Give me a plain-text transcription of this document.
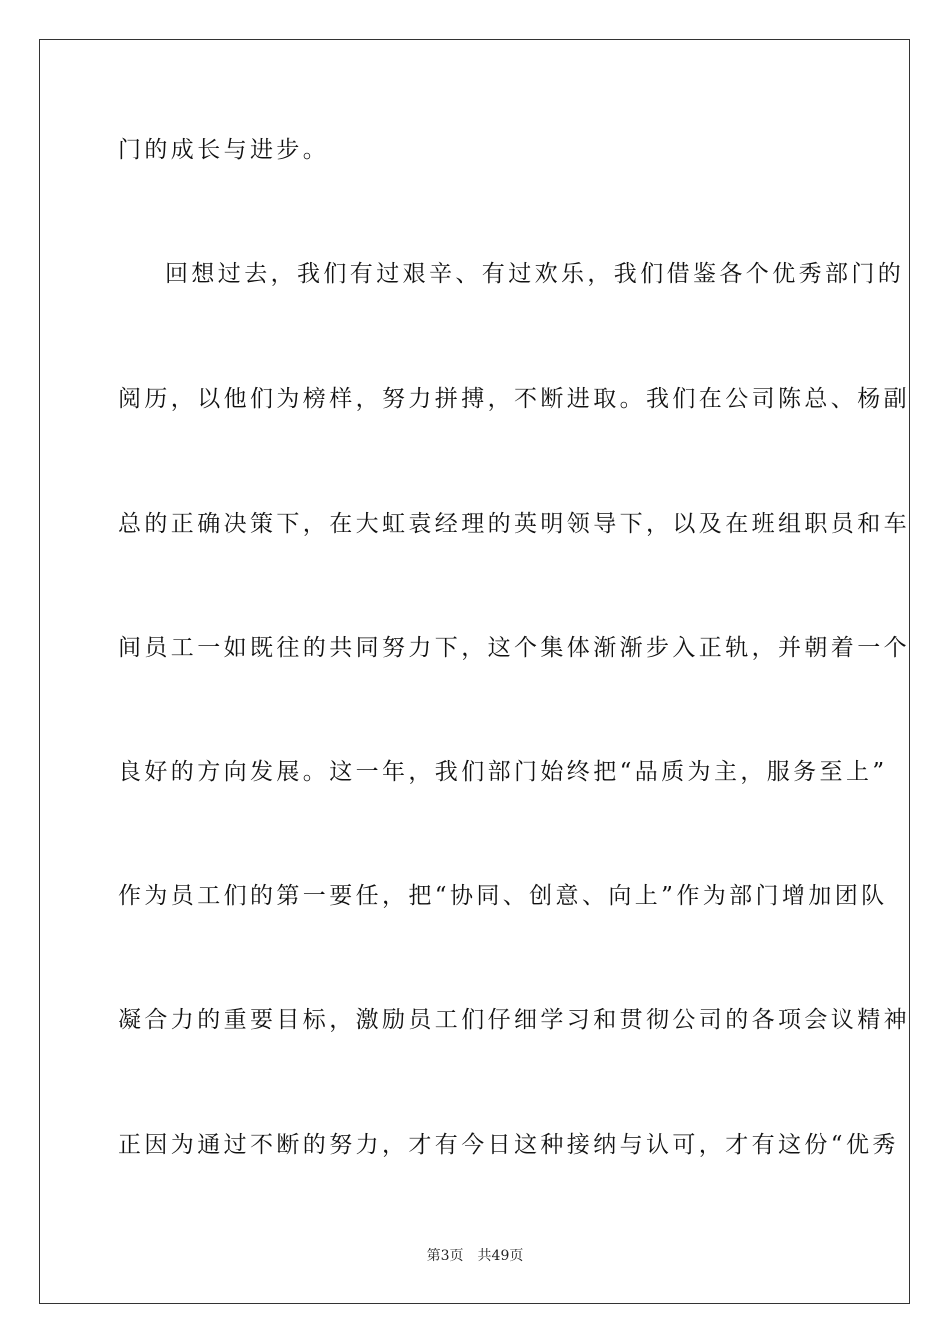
门的成长与进步。
回想过去，我们有过艰辛、有过欢乐，我们借鉴各个优秀部门的
阅历，以他们为榜样，努力拼搏，不断进取。我们在公司陈总、杨副
总的正确决策下，在大虹袁经理的英明领导下，以及在班组职员和车
间员工一如既往的共同努力下，这个集体渐渐步入正轨，并朝着一个
良好的方向发展。这一年，我们部门始终把“品质为主，服务至上”
作为员工们的第一要任，把“协同、创意、向上”作为部门增加团队
凝合力的重要目标，激励员工们仔细学习和贯彻公司的各项会议精神
正因为通过不断的努力，才有今日这种接纳与认可，才有这份“优秀
第3页 共49页
